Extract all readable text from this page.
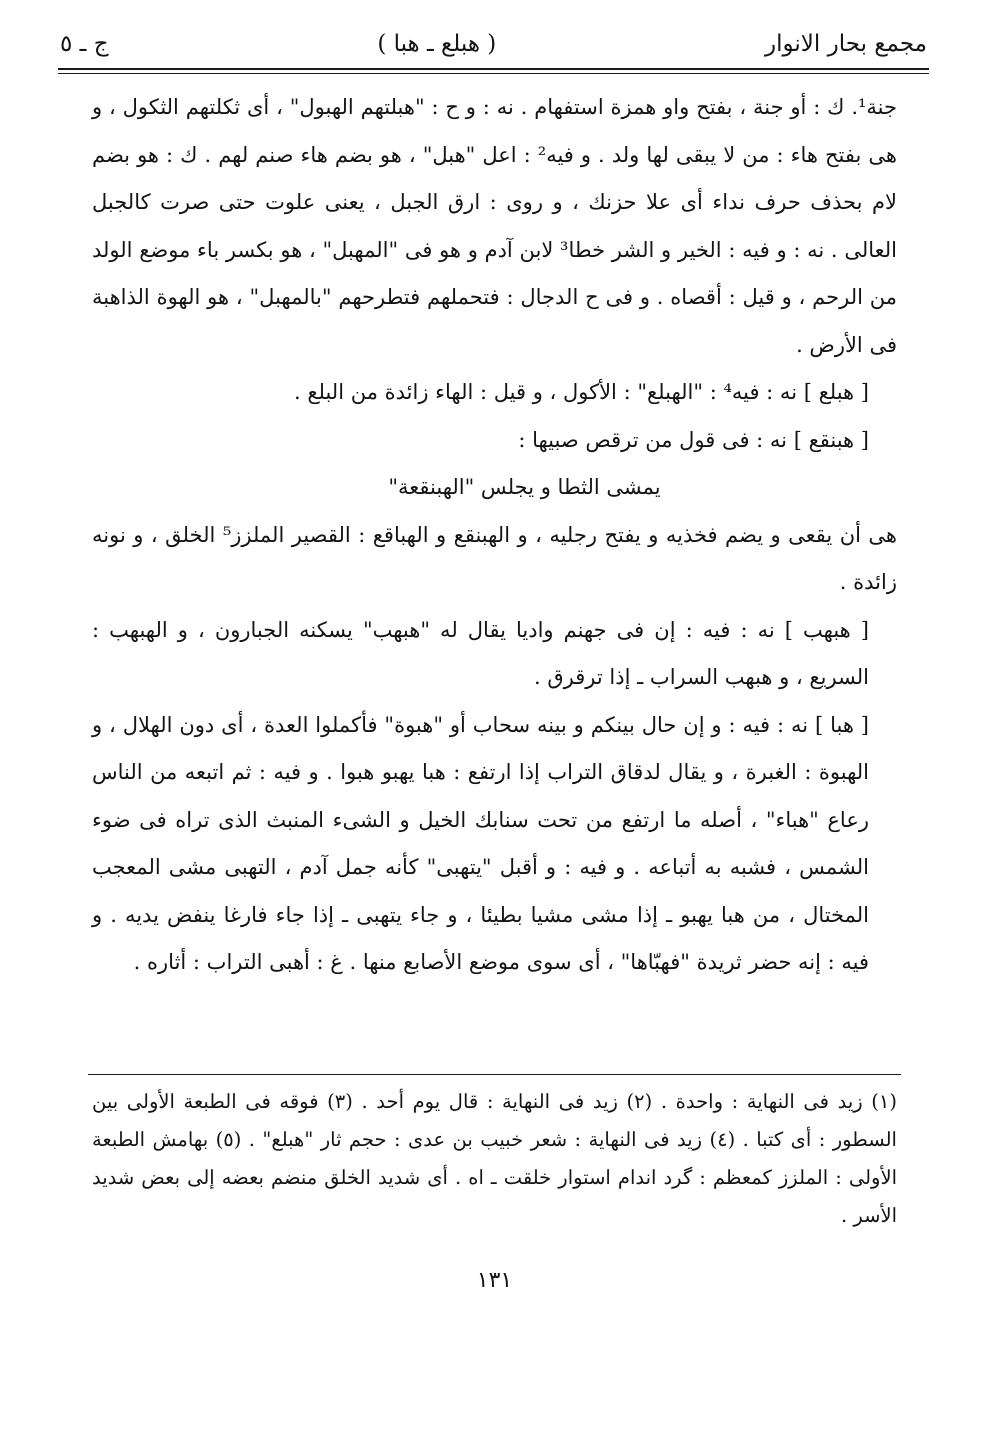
مجمع بحار الانوار
( هبلع ـ هبا )
ج ـ ٥

جنة¹. ك : أو جنة ، بفتح واو همزة استفهام . نه : و ح : "هبلتهم الهبول" ، أى ثكلتهم الثكول ، و هى بفتح هاء : من لا يبقى لها ولد . و فيه² : اعل "هبل" ، هو بضم هاء صنم لهم . ك : هو بضم لام بحذف حرف نداء أى علا حزنك ، و روى : ارق الجبل ، يعنى علوت حتى صرت كالجبل العالى . نه : و فيه : الخير و الشر خطا³ لابن آدم و هو فى "المهبل" ، هو بكسر باء موضع الولد من الرحم ، و قيل : أقصاه . و فى ح الدجال : فتحملهم فتطرحهم "بالمهبل" ، هو الهوة الذاهبة فى الأرض .

[ هبلع ] نه : فيه⁴ : "الهبلع" : الأكول ، و قيل : الهاء زائدة من البلع .

[ هبنقع ] نه : فى قول من ترقص صبيها :

يمشى الثطا و يجلس "الهبنقعة"

هى أن يقعى و يضم فخذيه و يفتح رجليه ، و الهبنقع و الهباقع : القصير الملزز⁵ الخلق ، و نونه زائدة .

[ هبهب ] نه : فيه : إن فى جهنم واديا يقال له "هبهب" يسكنه الجبارون ، و الهبهب : السريع ، و هبهب السراب ـ إذا ترقرق .

[ هبا ] نه : فيه : و إن حال بينكم و بينه سحاب أو "هبوة" فأكملوا العدة ، أى دون الهلال ، و الهبوة : الغبرة ، و يقال لدقاق التراب إذا ارتفع : هبا يهبو هبوا . و فيه : ثم اتبعه من الناس رعاع "هباء" ، أصله ما ارتفع من تحت سنابك الخيل و الشىء المنبث الذى تراه فى ضوء الشمس ، فشبه به أتباعه . و فيه : و أقبل "يتهبى" كأنه جمل آدم ، التهبى مشى المعجب المختال ، من هبا يهبو ـ إذا مشى مشيا بطيئا ، و جاء يتهبى ـ إذا جاء فارغا ينفض يديه . و فيه : إنه حضر ثريدة "فهبّاها" ، أى سوى موضع الأصابع منها . غ : أهبى التراب : أثاره .

(١) زيد فى النهاية : واحدة . (٢) زيد فى النهاية : قال يوم أحد . (٣) فوقه فى الطبعة الأولى بين السطور : أى كتبا . (٤) زيد فى النهاية : شعر خبيب بن عدى : حجم ثار "هبلع" . (٥) بهامش الطبعة الأولى : الملزز كمعظم : گرد اندام استوار خلقت ـ اه . أى شديد الخلق منضم بعضه إلى بعض شديد الأسر .

١٣١
